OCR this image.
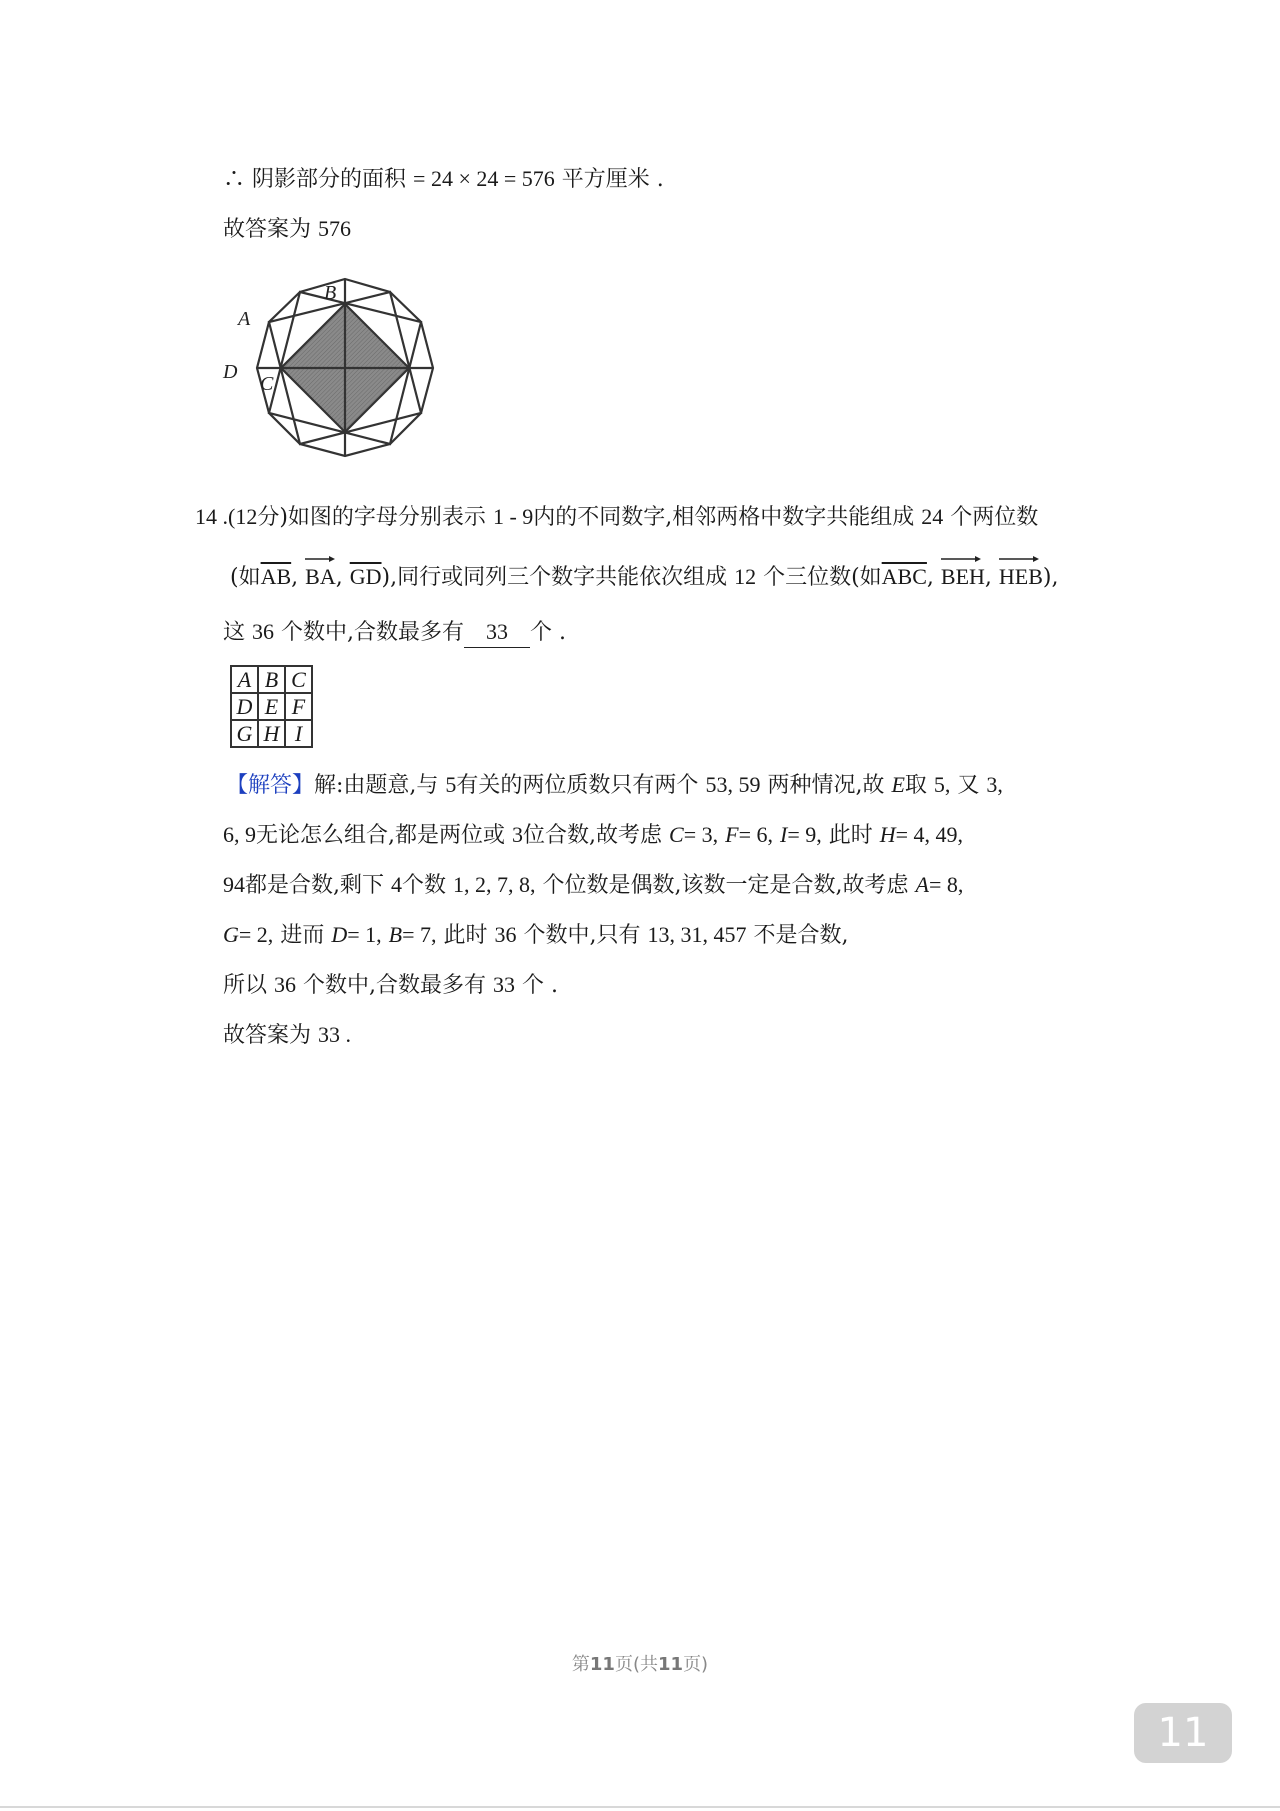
∴ 阴影部分的面积 = 24 × 24 = 576 平方厘米 .
故答案为 576
B
A
D
C
14 .(12分)如图的字母分别表示 1 - 9内的不同数字,相邻两格中数字共能组成 24 个两位数
(如$\overline{AB}$,
BA, $\overline{GD}$),同行或同列三个数字共能依次组成 12 个三位数(如$\overline{ABC}$,
BEH,
HEB),
这 36 个数中,合数最多有 33 个 .
A	B	C
D	E	F
G	H	I
【解答】解:由题意,与 5有关的两位质数只有两个 53, 59 两种情况,故 E取 5, 又 3,
6, 9无论怎么组合,都是两位或 3位合数,故考虑 C= 3, F= 6, I= 9, 此时 H= 4, 49,
94都是合数,剩下 4个数 1, 2, 7, 8, 个位数是偶数,该数一定是合数,故考虑 A= 8,
G= 2, 进而 D= 1, B= 7, 此时 36 个数中,只有 13, 31, 457 不是合数,
所以 36 个数中,合数最多有 33 个 .
故答案为 33 .
第11页(共11页)
11
